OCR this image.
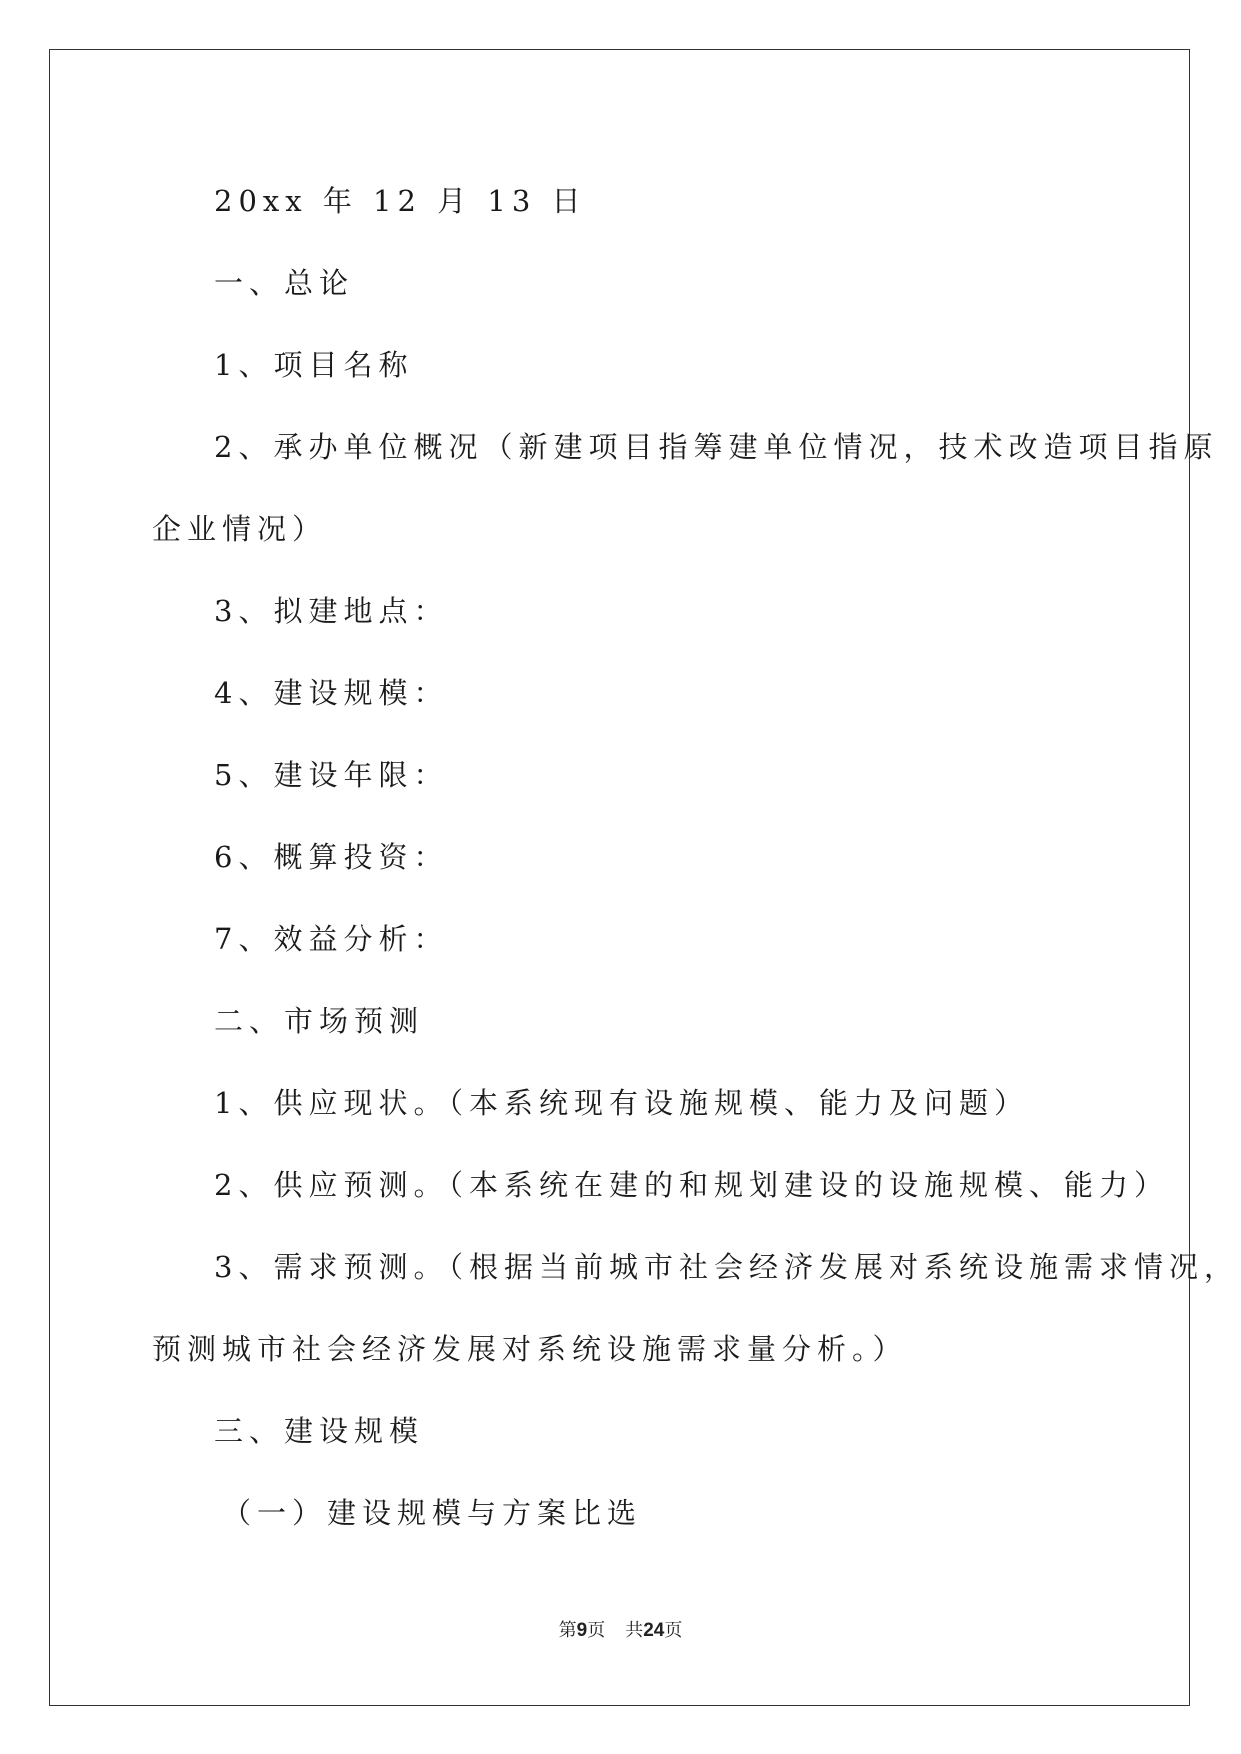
20xx 年 12 月 13 日
一、总论
1、项目名称
2、承办单位概况（新建项目指筹建单位情况，技术改造项目指原
企业情况）
3、拟建地点：
4、建设规模：
5、建设年限：
6、概算投资：
7、效益分析：
二、市场预测
1、供应现状。（本系统现有设施规模、能力及问题）
2、供应预测。（本系统在建的和规划建设的设施规模、能力）
3、需求预测。（根据当前城市社会经济发展对系统设施需求情况，
预测城市社会经济发展对系统设施需求量分析。）
三、建设规模
（一）建设规模与方案比选
第9页 共24页
